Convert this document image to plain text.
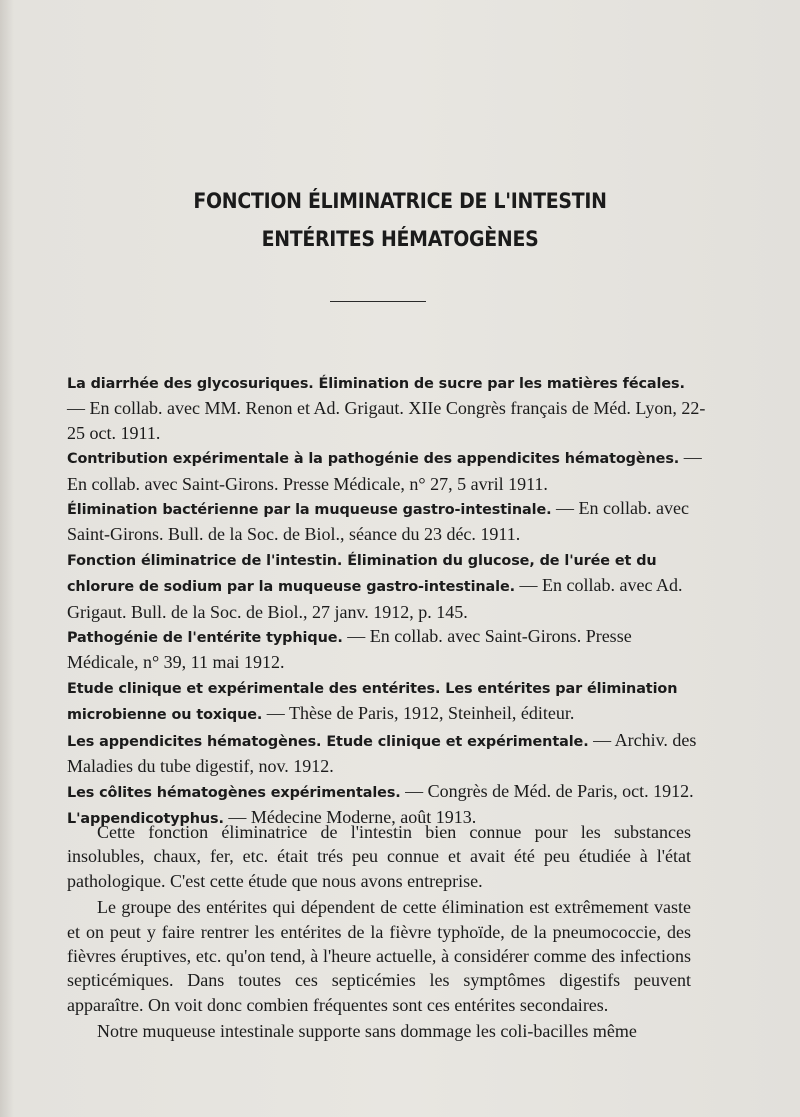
FONCTION ÉLIMINATRICE DE L'INTESTIN
ENTÉRITES HÉMATOGÈNES

La diarrhée des glycosuriques. Élimination de sucre par les matières fécales. — En collab. avec MM. Renon et Ad. Grigaut. XIIe Congrès français de Méd. Lyon, 22-25 oct. 1911.

Contribution expérimentale à la pathogénie des appendicites hématogènes. — En collab. avec Saint-Girons. Presse Médicale, n° 27, 5 avril 1911.

Élimination bactérienne par la muqueuse gastro-intestinale. — En collab. avec Saint-Girons. Bull. de la Soc. de Biol., séance du 23 déc. 1911.

Fonction éliminatrice de l'intestin. Élimination du glucose, de l'urée et du chlorure de sodium par la muqueuse gastro-intestinale. — En collab. avec Ad. Grigaut. Bull. de la Soc. de Biol., 27 janv. 1912, p. 145.

Pathogénie de l'entérite typhique. — En collab. avec Saint-Girons. Presse Médicale, n° 39, 11 mai 1912.

Etude clinique et expérimentale des entérites. Les entérites par élimination microbienne ou toxique. — Thèse de Paris, 1912, Steinheil, éditeur.

Les appendicites hématogènes. Etude clinique et expérimentale. — Archiv. des Maladies du tube digestif, nov. 1912.

Les côlites hématogènes expérimentales. — Congrès de Méd. de Paris, oct. 1912.

L'appendicotyphus. — Médecine Moderne, août 1913.

Cette fonction éliminatrice de l'intestin bien connue pour les substances insolubles, chaux, fer, etc. était trés peu connue et avait été peu étudiée à l'état pathologique. C'est cette étude que nous avons entreprise.

Le groupe des entérites qui dépendent de cette élimination est extrêmement vaste et on peut y faire rentrer les entérites de la fièvre typhoïde, de la pneumococcie, des fièvres éruptives, etc. qu'on tend, à l'heure actuelle, à considérer comme des infections septicémiques. Dans toutes ces septicémies les symptômes digestifs peuvent apparaître. On voit donc combien fréquentes sont ces entérites secondaires.

Notre muqueuse intestinale supporte sans dommage les coli-bacilles même
